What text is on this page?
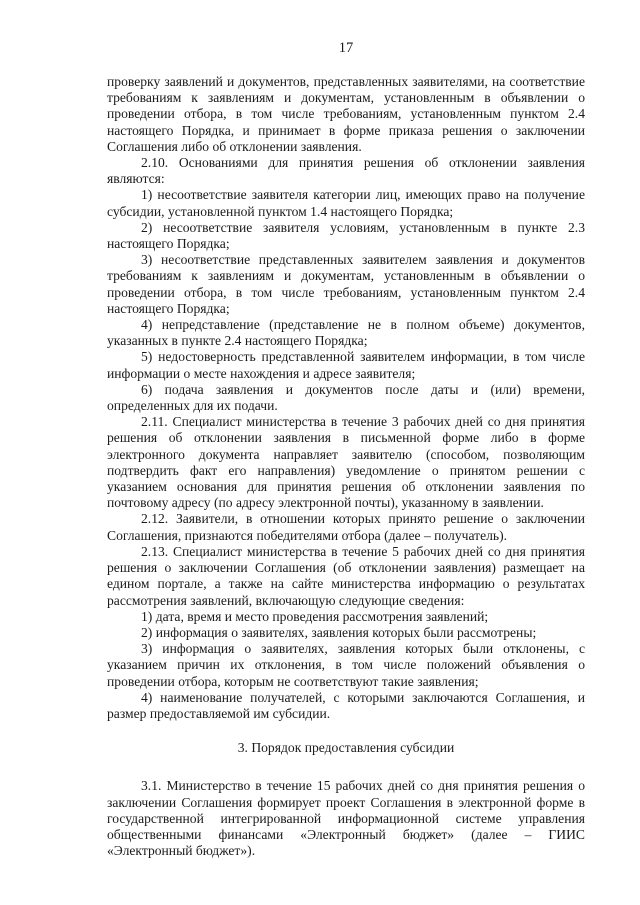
17

проверку заявлений и документов, представленных заявителями, на соответствие требованиям к заявлениям и документам, установленным в объявлении о проведении отбора, в том числе требованиям, установленным пунктом 2.4 настоящего Порядка, и принимает в форме приказа решения о заключении Соглашения либо об отклонении заявления.

2.10. Основаниями для принятия решения об отклонении заявления являются:

1) несоответствие заявителя категории лиц, имеющих право на получение субсидии, установленной пунктом 1.4 настоящего Порядка;

2) несоответствие заявителя условиям, установленным в пункте 2.3 настоящего Порядка;

3) несоответствие представленных заявителем заявления и документов требованиям к заявлениям и документам, установленным в объявлении о проведении отбора, в том числе требованиям, установленным пунктом 2.4 настоящего Порядка;

4) непредставление (представление не в полном объеме) документов, указанных в пункте 2.4 настоящего Порядка;

5) недостоверность представленной заявителем информации, в том числе информации о месте нахождения и адресе заявителя;

6) подача заявления и документов после даты и (или) времени, определенных для их подачи.

2.11. Специалист министерства в течение 3 рабочих дней со дня принятия решения об отклонении заявления в письменной форме либо в форме электронного документа направляет заявителю (способом, позволяющим подтвердить факт его направления) уведомление о принятом решении с указанием основания для принятия решения об отклонении заявления по почтовому адресу (по адресу электронной почты), указанному в заявлении.

2.12. Заявители, в отношении которых принято решение о заключении Соглашения, признаются победителями отбора (далее – получатель).

2.13. Специалист министерства в течение 5 рабочих дней со дня принятия решения о заключении Соглашения (об отклонении заявления) размещает на едином портале, а также на сайте министерства информацию о результатах рассмотрения заявлений, включающую следующие сведения:

1) дата, время и место проведения рассмотрения заявлений;

2) информация о заявителях, заявления которых были рассмотрены;

3) информация о заявителях, заявления которых были отклонены, с указанием причин их отклонения, в том числе положений объявления о проведении отбора, которым не соответствуют такие заявления;

4) наименование получателей, с которыми заключаются Соглашения, и размер предоставляемой им субсидии.

3. Порядок предоставления субсидии

3.1. Министерство в течение 15 рабочих дней со дня принятия решения о заключении Соглашения формирует проект Соглашения в электронной форме в государственной интегрированной информационной системе управления общественными финансами «Электронный бюджет» (далее – ГИИС «Электронный бюджет»).
